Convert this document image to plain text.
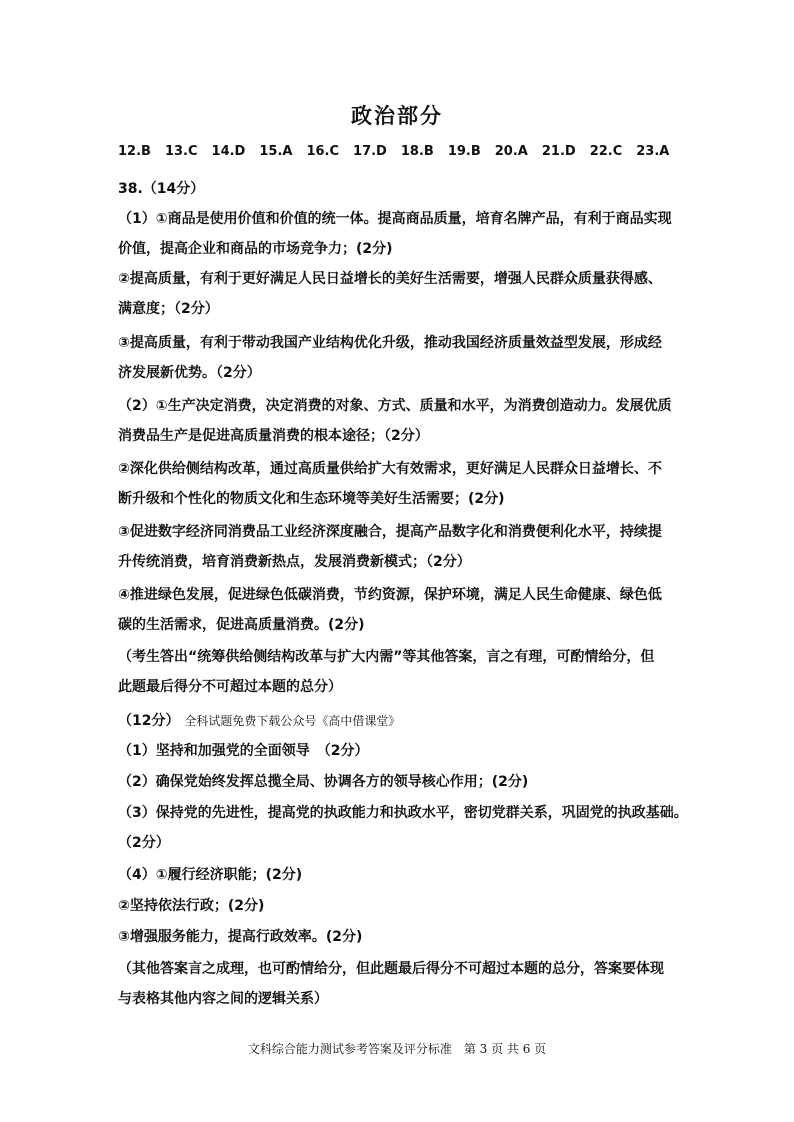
政治部分
12.B 13.C 14.D 15.A 16.C 17.D 18.B 19.B 20.A 21.D 22.C 23.A
38.（14分）
（1）①商品是使用价值和价值的统一体。提高商品质量，培育名牌产品，有利于商品实现
价值，提高企业和商品的市场竞争力；(2分)
②提高质量，有利于更好满足人民日益增长的美好生活需要，增强人民群众质量获得感、
满意度；（2分）
③提高质量，有利于带动我国产业结构优化升级，推动我国经济质量效益型发展，形成经
济发展新优势。（2分）
（2）①生产决定消费，决定消费的对象、方式、质量和水平，为消费创造动力。发展优质
消费品生产是促进高质量消费的根本途径；（2分）
②深化供给侧结构改革，通过高质量供给扩大有效需求，更好满足人民群众日益增长、不
断升级和个性化的物质文化和生态环境等美好生活需要；(2分)
③促进数字经济同消费品工业经济深度融合，提高产品数字化和消费便利化水平，持续提
升传统消费，培育消费新热点，发展消费新模式；（2分）
④推进绿色发展，促进绿色低碳消费，节约资源，保护环境，满足人民生命健康、绿色低
碳的生活需求，促进高质量消费。(2分)
（考生答出“统筹供给侧结构改革与扩大内需”等其他答案，言之有理，可酌情给分，但
此题最后得分不可超过本题的总分）
（12分） 全科试题免费下载公众号《高中借课堂》
（1）坚持和加强党的全面领导　（2分）
（2）确保党始终发挥总揽全局、协调各方的领导核心作用；(2分)
（3）保持党的先进性，提高党的执政能力和执政水平，密切党群关系，巩固党的执政基础。
（2分）
（4）①履行经济职能；(2分)
②坚持依法行政；(2分)
③增强服务能力，提高行政效率。(2分)
（其他答案言之成理，也可酌情给分，但此题最后得分不可超过本题的总分，答案要体现
与表格其他内容之间的逻辑关系）
文科综合能力测试参考答案及评分标准　第 3 页 共 6 页
